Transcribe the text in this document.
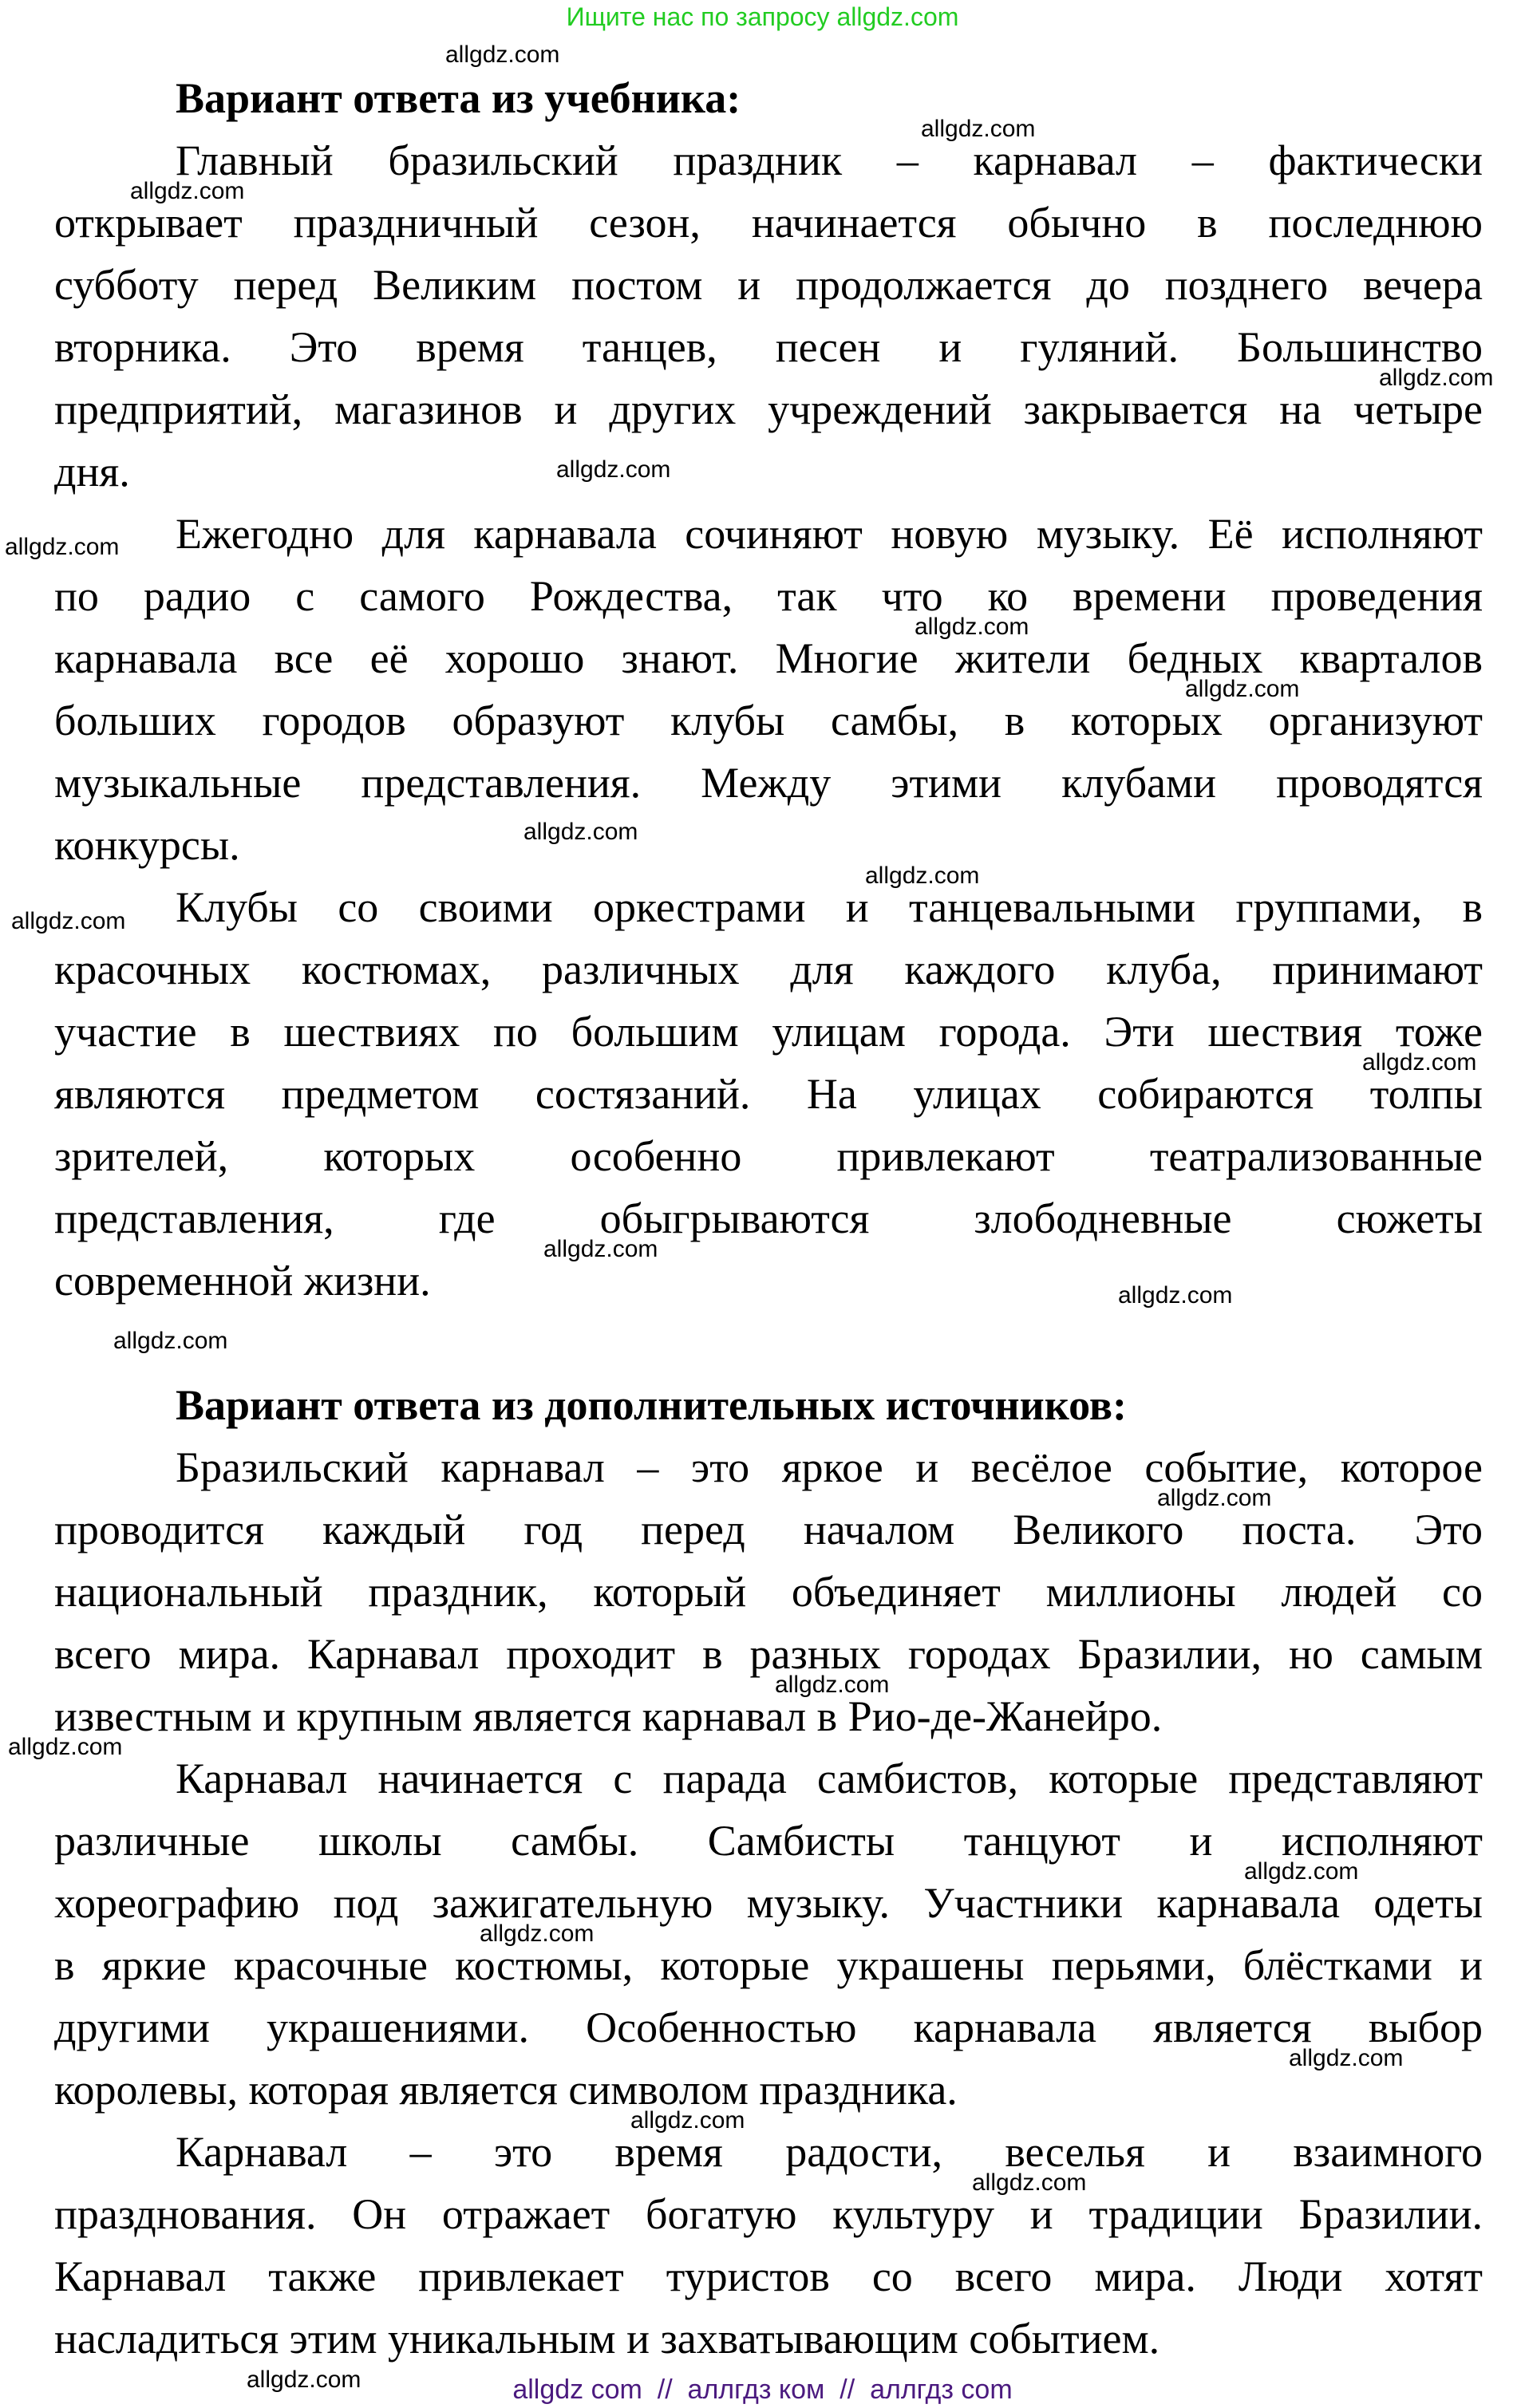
Ищите нас по запросу allgdz.com
Вариант ответа из учебника:
Главный бразильский праздник – карнавал – фактически
открывает праздничный сезон, начинается обычно в последнюю
субботу перед Великим постом и продолжается до позднего вечера
вторника. Это время танцев, песен и гуляний. Большинство
предприятий, магазинов и других учреждений закрывается на четыре
дня.
Ежегодно для карнавала сочиняют новую музыку. Её исполняют
по радио с самого Рождества, так что ко времени проведения
карнавала все её хорошо знают. Многие жители бедных кварталов
больших городов образуют клубы самбы, в которых организуют
музыкальные представления. Между этими клубами проводятся
конкурсы.
Клубы со своими оркестрами и танцевальными группами, в
красочных костюмах, различных для каждого клуба, принимают
участие в шествиях по большим улицам города. Эти шествия тоже
являются предметом состязаний. На улицах собираются толпы
зрителей, которых особенно привлекают театрализованные
представления, где обыгрываются злободневные сюжеты
современной жизни.
Вариант ответа из дополнительных источников:
Бразильский карнавал – это яркое и весёлое событие, которое
проводится каждый год перед началом Великого поста. Это
национальный праздник, который объединяет миллионы людей со
всего мира. Карнавал проходит в разных городах Бразилии, но самым
известным и крупным является карнавал в Рио-де-Жанейро.
Карнавал начинается с парада самбистов, которые представляют
различные школы самбы. Самбисты танцуют и исполняют
хореографию под зажигательную музыку. Участники карнавала одеты
в яркие красочные костюмы, которые украшены перьями, блёстками и
другими украшениями. Особенностью карнавала является выбор
королевы, которая является символом праздника.
Карнавал – это время радости, веселья и взаимного
празднования. Он отражает богатую культуру и традиции Бразилии.
Карнавал также привлекает туристов со всего мира. Люди хотят
насладиться этим уникальным и захватывающим событием.
allgdz.com
allgdz.com
allgdz.com
allgdz.com
allgdz.com
allgdz.com
allgdz.com
allgdz.com
allgdz.com
allgdz.com
allgdz.com
allgdz.com
allgdz.com
allgdz.com
allgdz.com
allgdz.com
allgdz.com
allgdz.com
allgdz.com
allgdz.com
allgdz.com
allgdz.com
allgdz.com
allgdz.com	allgdz com  //  аллгдз ком  //  аллгдз com
